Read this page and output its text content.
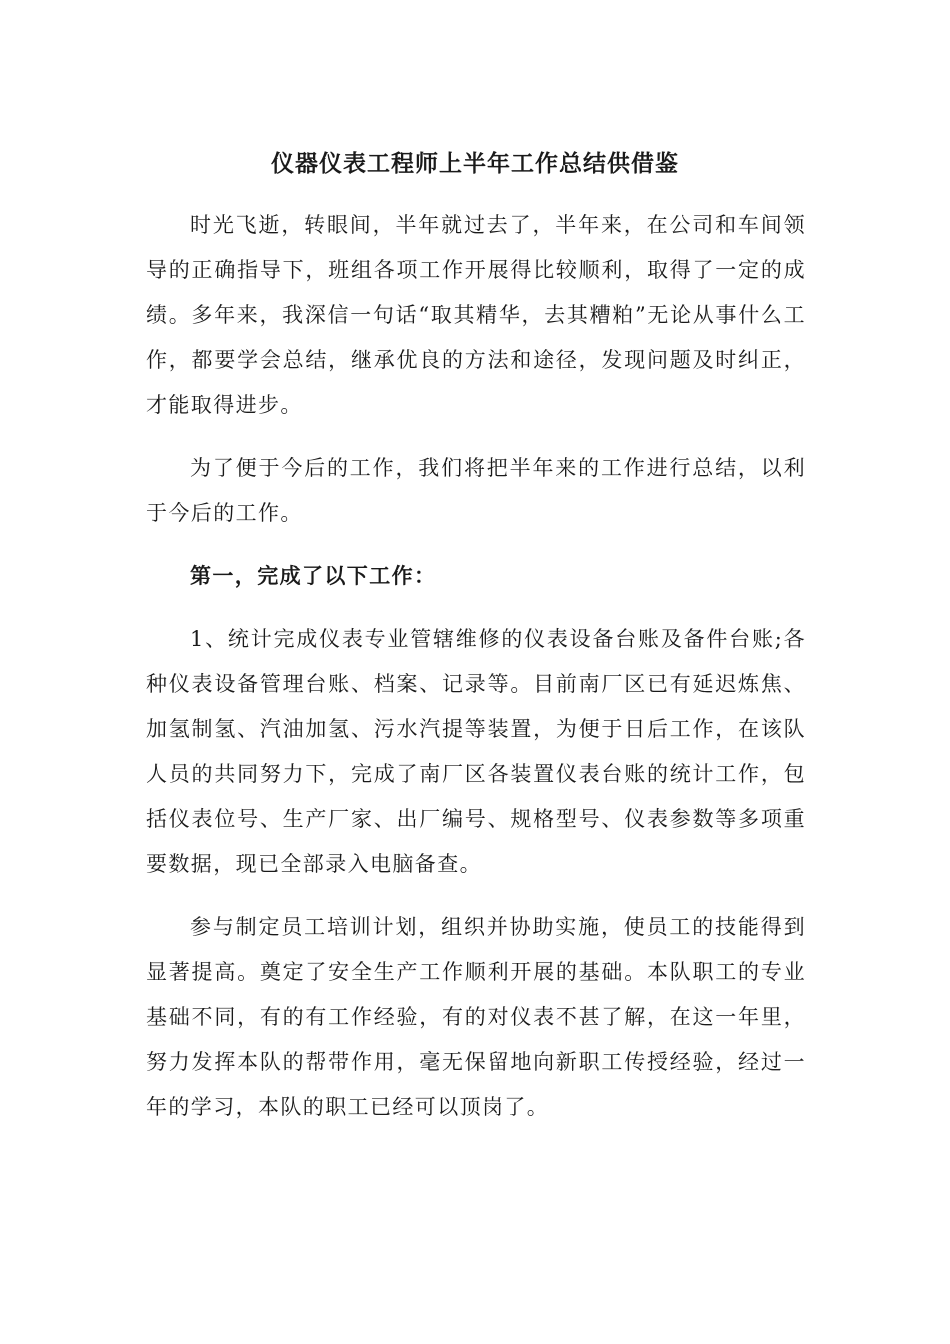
仪器仪表工程师上半年工作总结供借鉴

时光飞逝，转眼间，半年就过去了，半年来，在公司和车间领导的正确指导下，班组各项工作开展得比较顺利，取得了一定的成绩。多年来，我深信一句话“取其精华，去其糟粕”无论从事什么工作，都要学会总结，继承优良的方法和途径，发现问题及时纠正，才能取得进步。

为了便于今后的工作，我们将把半年来的工作进行总结，以利于今后的工作。

第一，完成了以下工作：

1、统计完成仪表专业管辖维修的仪表设备台账及备件台账;各种仪表设备管理台账、档案、记录等。目前南厂区已有延迟炼焦、加氢制氢、汽油加氢、污水汽提等装置，为便于日后工作，在该队人员的共同努力下，完成了南厂区各装置仪表台账的统计工作，包括仪表位号、生产厂家、出厂编号、规格型号、仪表参数等多项重要数据，现已全部录入电脑备查。

参与制定员工培训计划，组织并协助实施，使员工的技能得到显著提高。奠定了安全生产工作顺利开展的基础。本队职工的专业基础不同，有的有工作经验，有的对仪表不甚了解，在这一年里，努力发挥本队的帮带作用，毫无保留地向新职工传授经验，经过一年的学习，本队的职工已经可以顶岗了。
